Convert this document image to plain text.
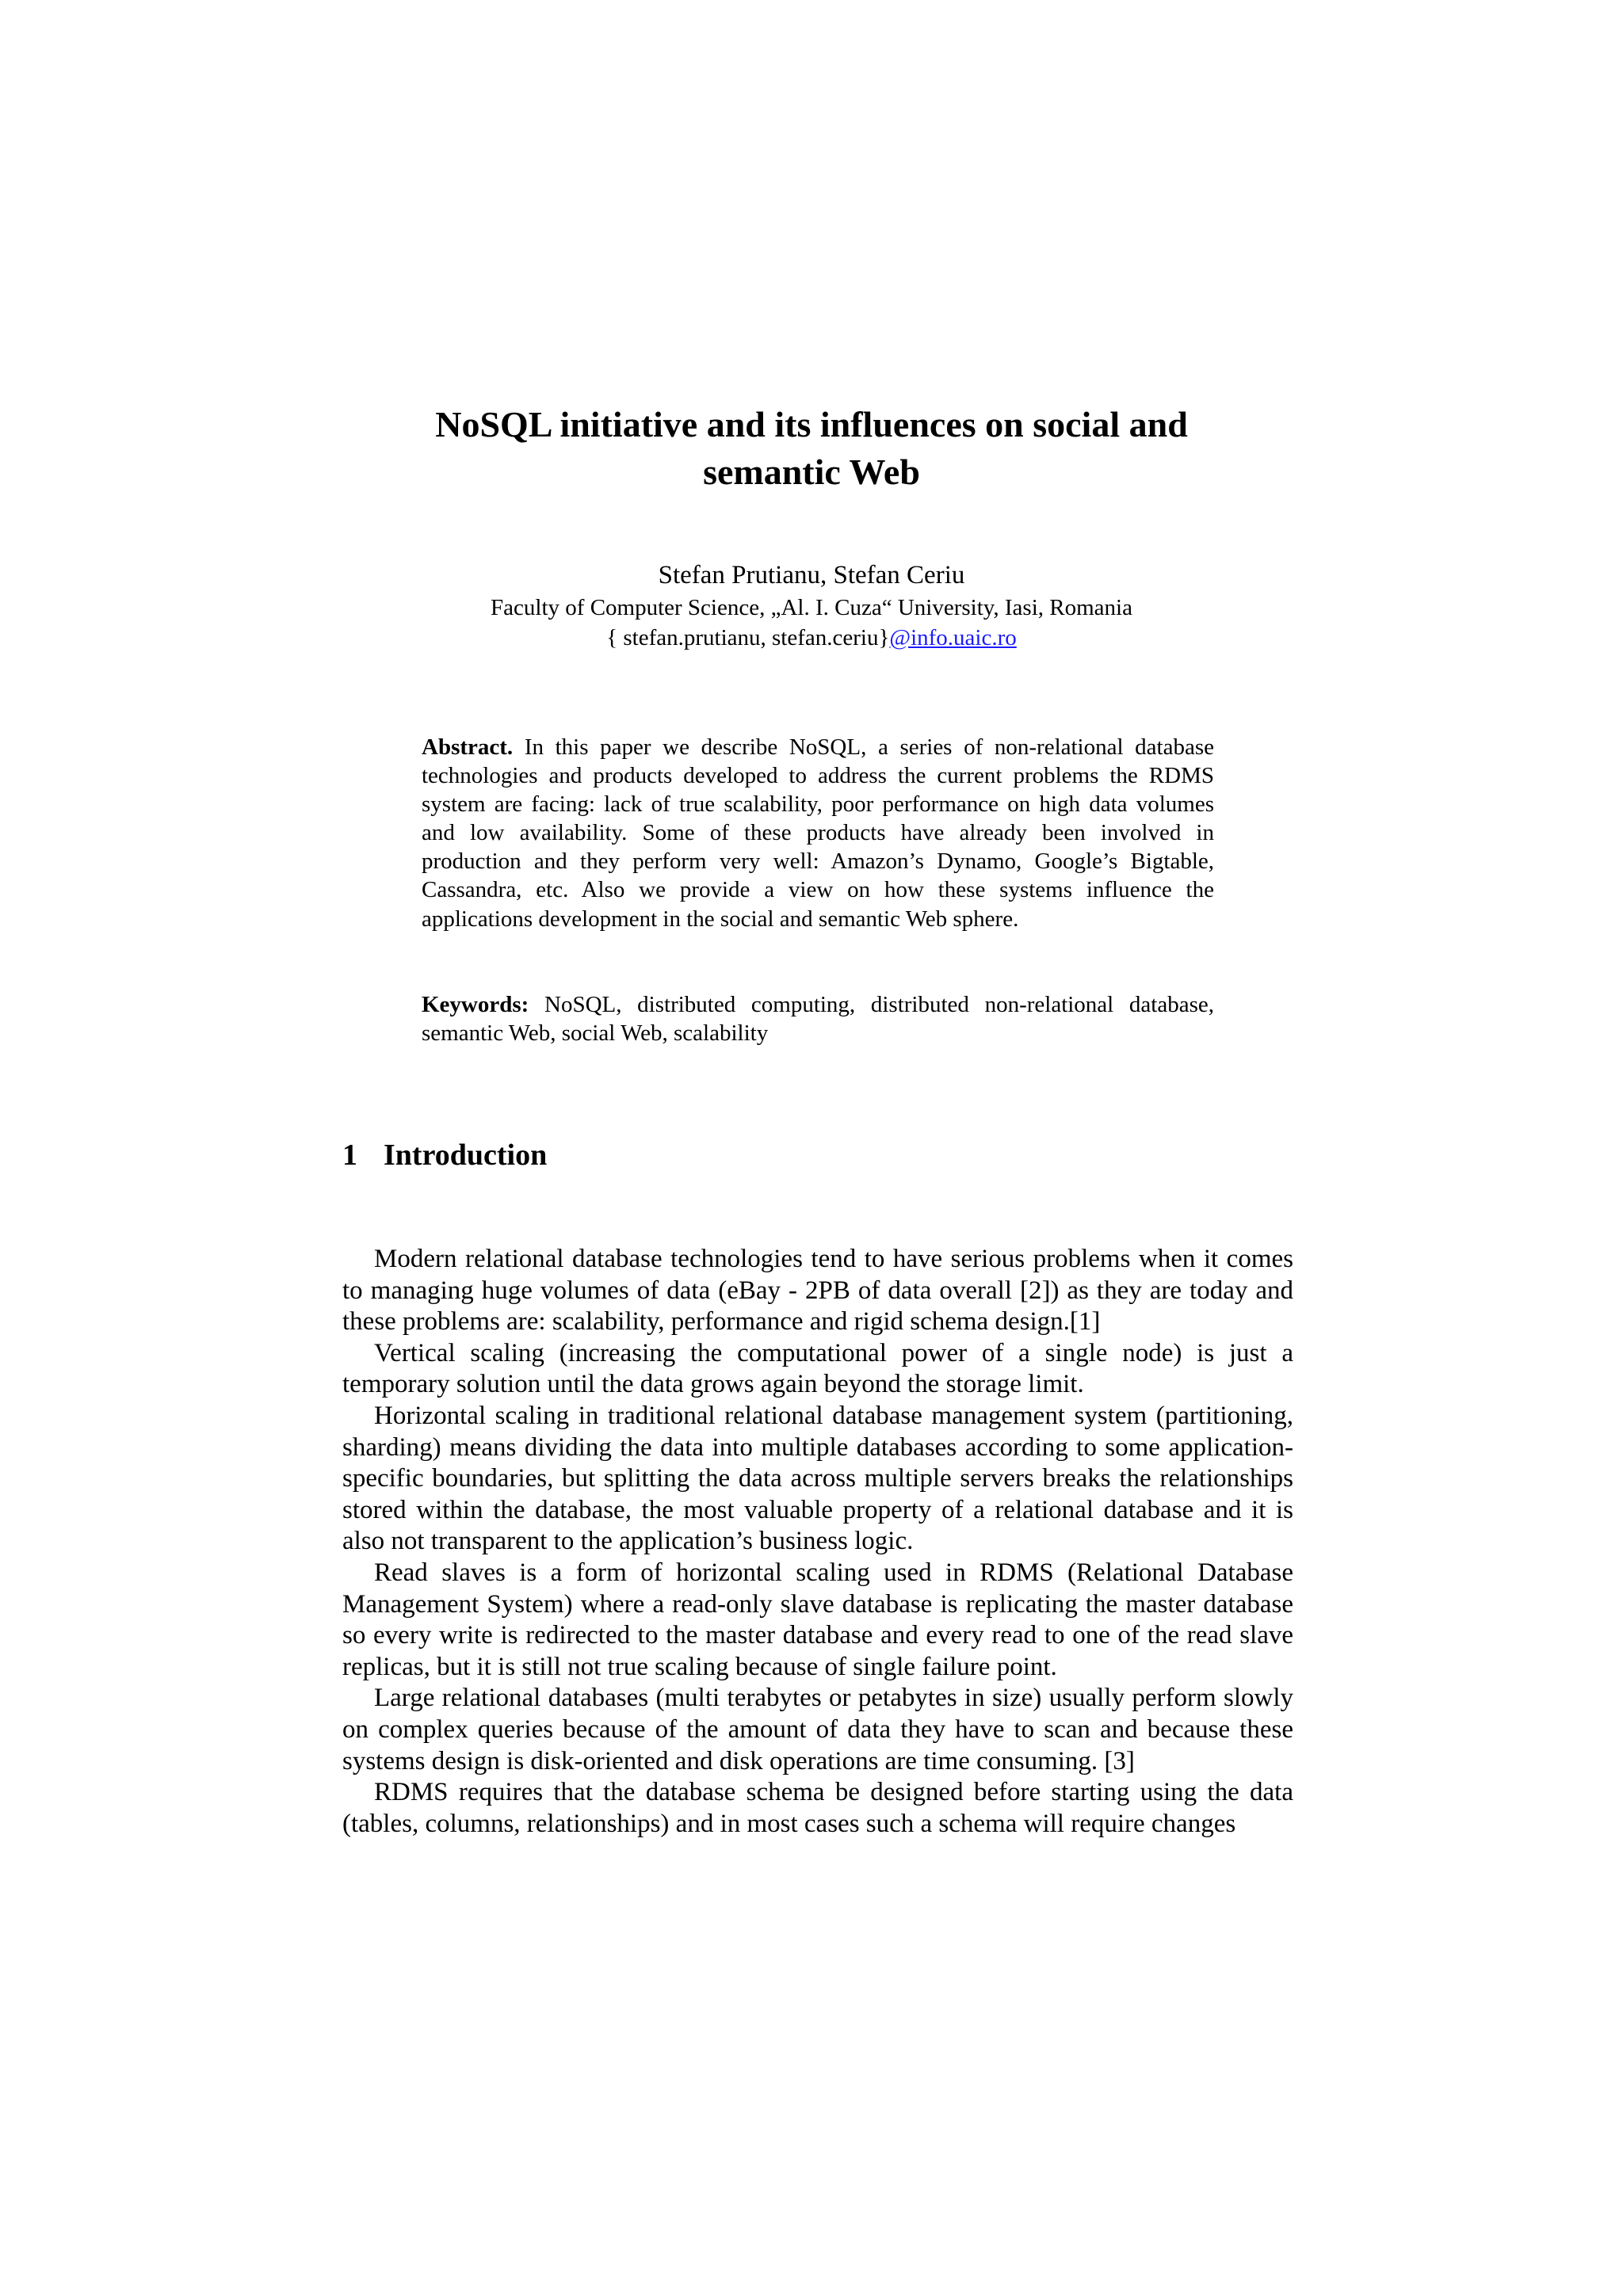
NoSQL initiative and its influences on social and
semantic Web
Stefan Prutianu, Stefan Ceriu
Faculty of Computer Science, „Al. I. Cuza“ University, Iasi, Romania
{ stefan.prutianu, stefan.ceriu}@info.uaic.ro
Abstract. In this paper we describe NoSQL, a series of non-relational database technologies and products developed to address the current problems the RDMS system are facing: lack of true scalability, poor performance on high data volumes and low availability. Some of these products have already been involved in production and they perform very well: Amazon’s Dynamo, Google’s Bigtable, Cassandra, etc. Also we provide a view on how these systems influence the applications development in the social and semantic Web sphere.
Keywords: NoSQL, distributed computing, distributed non-relational database, semantic Web, social Web, scalability
1 Introduction

Modern relational database technologies tend to have serious problems when it comes to managing huge volumes of data (eBay - 2PB of data overall [2]) as they are today and these problems are: scalability, performance and rigid schema design.[1]

Vertical scaling (increasing the computational power of a single node) is just a temporary solution until the data grows again beyond the storage limit.

Horizontal scaling in traditional relational database management system (partitioning, sharding) means dividing the data into multiple databases according to some application-specific boundaries, but splitting the data across multiple servers breaks the relationships stored within the database, the most valuable property of a relational database and it is also not transparent to the application’s business logic.

Read slaves is a form of horizontal scaling used in RDMS (Relational Database Management System) where a read-only slave database is replicating the master database so every write is redirected to the master database and every read to one of the read slave replicas, but it is still not true scaling because of single failure point.

Large relational databases (multi terabytes or petabytes in size) usually perform slowly on complex queries because of the amount of data they have to scan and because these systems design is disk-oriented and disk operations are time consuming. [3]

RDMS requires that the database schema be designed before starting using the data (tables, columns, relationships) and in most cases such a schema will require changes
